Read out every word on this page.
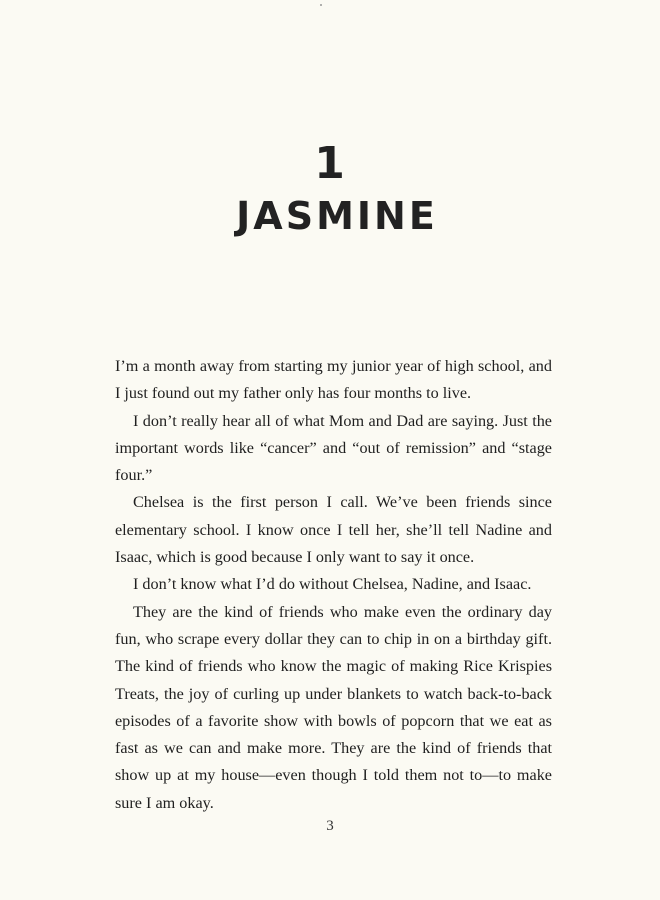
1
JASMINE

I’m a month away from starting my junior year of high school, and I just found out my father only has four months to live.

I don’t really hear all of what Mom and Dad are saying. Just the important words like “cancer” and “out of remission” and “stage four.”

Chelsea is the first person I call. We’ve been friends since elementary school. I know once I tell her, she’ll tell Nadine and Isaac, which is good because I only want to say it once.

I don’t know what I’d do without Chelsea, Nadine, and Isaac.

They are the kind of friends who make even the ordinary day fun, who scrape every dollar they can to chip in on a birthday gift. The kind of friends who know the magic of making Rice Krispies Treats, the joy of curling up under blankets to watch back-to-back episodes of a favorite show with bowls of popcorn that we eat as fast as we can and make more. They are the kind of friends that show up at my house—even though I told them not to—to make sure I am okay.

3
